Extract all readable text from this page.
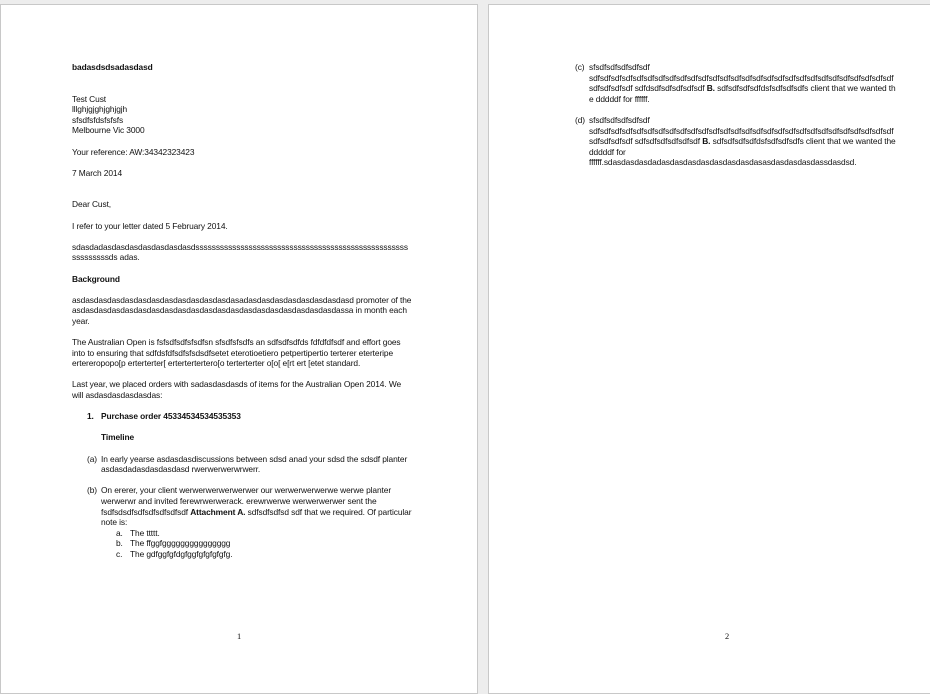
badasdsdsadasdasd

Test Cust

lllghjgjghjghjgjh

sfsdfsfdsfsfsfs

Melbourne Vic 3000

Your reference: AW:34342323423

7 March 2014

Dear Cust,

I refer to your letter dated 5 February 2014.

sdasdadasdasdasdasdasdasdasdsssssssssssssssssssssssssssssssssssssssssssssssssssssssssssssds adas.

Background

asdasdasdasdasdasdasdasdasdasdasdasdasadasdasdasdasdasdasdasdasd promoter of the asdasdasdasdasdasdasdasdasdasdasdasdasdasdasdasdasdasdasdasdassa in month each year.

The Australian Open is fsfsdfsdfsfsdfsn sfsdfsfsdfs an sdfsdfsdfds fdfdfdfsdf and effort goes into to ensuring that sdfdsfdfsdfsfsdsdfsetet eterotioetiero petpertipertio terterer eterteripe ertereropopo[p erterterter[ ertertertertero[o terterterter o[o[ e[rt ert [etet standard.

Last year, we placed orders with sadasdasdasds of items for the Australian Open 2014. We will asdasdasdasdasdas:

1. Purchase order 45334534534535353

Timeline

(a) In early yearse asdasdasdiscussions between sdsd anad your sdsd the sdsdf planter asdasdadasdasdasdasd rwerwerwerwrwerr.
(b) On ererer, your client werwerwerwerwerwer our werwerwerwerwe werwe planter werwerwr and invited ferewrwerwerack. erewrwerwe werwerwerwer sent the fsdfsdsdfsdfsdfsdfsdfsdf Attachment A. sdfsdfsdfsd sdf that we required. Of particular note is:
a. The ttttt.
b. The ffggfggggggggggggggg
c. The gdfggfgfdgfggfgfgfgfgfg.
1
(c) sfsdfsdfsdfsdfsdf
sdfsdfsdfsdfsdfsdfsdfsdfsdfsdfsdfsdfsdfsdfsdfsdfsdfsdfsdfsdfsdfsdfsdfsdfsdfsdfsdfsdfsdfsdfsdfsdf sdfdsdfsdfsdfsdfsdf B. sdfsdfsdfsdfdsfsdfsdfsdfs client that we wanted the dddddf for ffffff.
(d) sfsdfsdfsdfsdfsdf
sdfsdfsdfsdfsdfsdfsdfsdfsdfsdfsdfsdfsdfsdfsdfsdfsdfsdfsdfsdfsdfsdfsdfsdfsdfsdfsdfsdfsdfsdfsdfsdf sdfsdfsdfsdfsdfsdf B. sdfsdfsdfsdfdsfsdfsdfsdfs client that we wanted the dddddf for
ffffff.sdasdasdasdadasdasdasdasdasdasdasdasasdasdasdasdassdasdsd.
2
